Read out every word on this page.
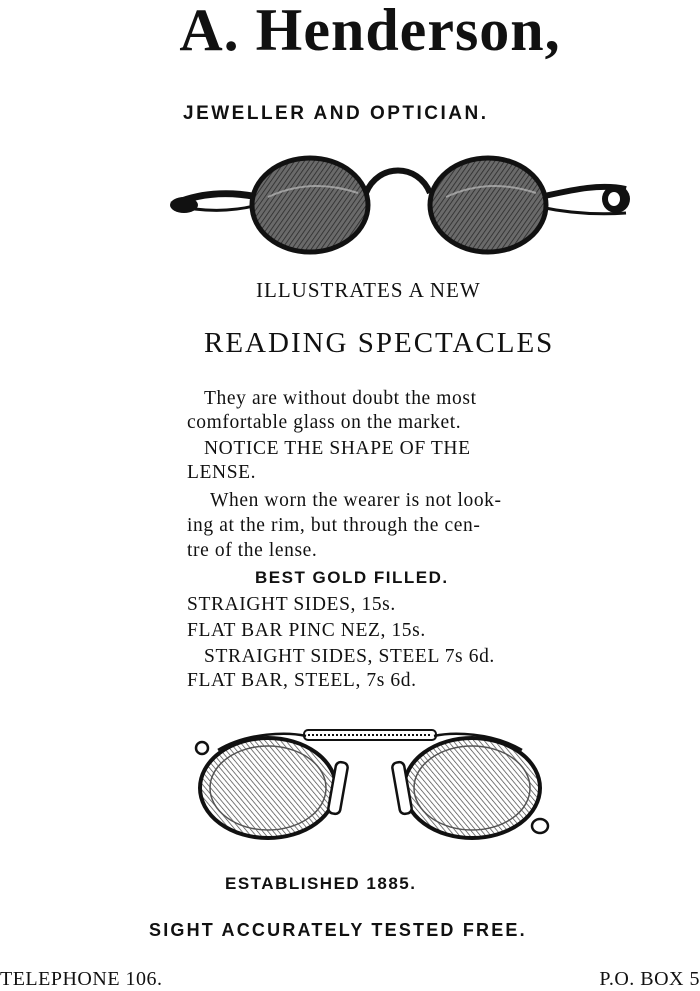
A. Henderson,
JEWELLER AND OPTICIAN.
ILLUSTRATES A NEW
READING SPECTACLES
They are without doubt the most
comfortable glass on the market.
NOTICE THE SHAPE OF THE
LENSE.
When worn the wearer is not look-
ing at the rim, but through the cen-
tre of the lense.
BEST GOLD FILLED.
STRAIGHT SIDES, 15s.
FLAT BAR PINC NEZ, 15s.
STRAIGHT SIDES, STEEL 7s 6d.
FLAT BAR, STEEL, 7s 6d.
ESTABLISHED 1885.
SIGHT ACCURATELY TESTED FREE.
TELEPHONE 106.	P.O. BOX 5
